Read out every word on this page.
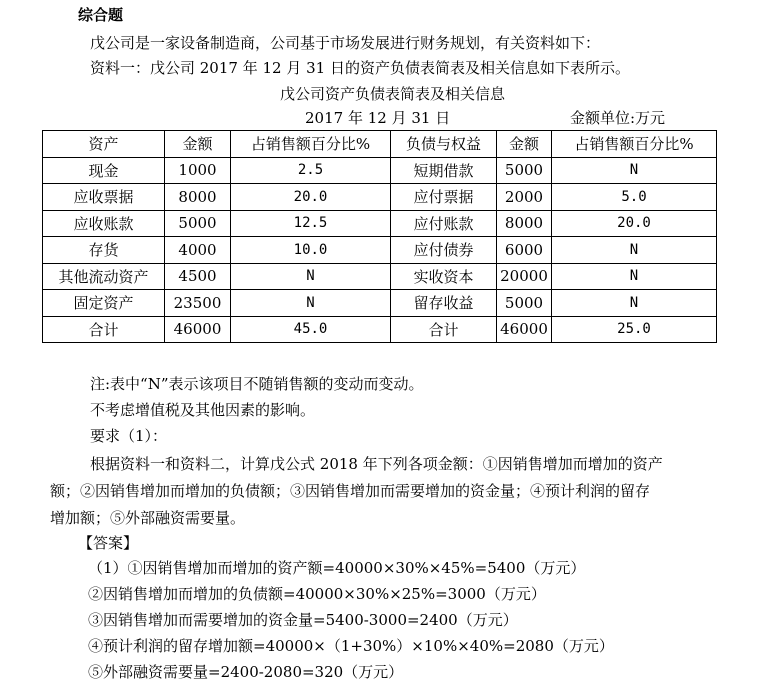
综合题
戊公司是一家设备制造商，公司基于市场发展进行财务规划，有关资料如下：
资料一：戊公司 2017 年 12 月 31 日的资产负债表简表及相关信息如下表所示。
戊公司资产负债表简表及相关信息
2017 年 12 月 31 日	金额单位:万元
资产	金额	占销售额百分比%	负债与权益	金额	占销售额百分比%
现金	1000	2.5	短期借款	5000	N
应收票据	8000	20.0	应付票据	2000	5.0
应收账款	5000	12.5	应付账款	8000	20.0
存货	4000	10.0	应付债券	6000	N
其他流动资产	4500	N	实收资本	20000	N
固定资产	23500	N	留存收益	5000	N
合计	46000	45.0	合计	46000	25.0
注:表中“N”表示该项目不随销售额的变动而变动。
不考虑增值税及其他因素的影响。
要求（1）：
根据资料一和资料二，计算戊公式 2018 年下列各项金额：①因销售增加而增加的资产
额；②因销售增加而增加的负债额；③因销售增加而需要增加的资金量；④预计利润的留存
增加额；⑤外部融资需要量。
【答案】
（1）①因销售增加而增加的资产额=40000×30%×45%=5400（万元）
②因销售增加而增加的负债额=40000×30%×25%=3000（万元）
③因销售增加而需要增加的资金量=5400-3000=2400（万元）
④预计利润的留存增加额=40000×（1+30%）×10%×40%=2080（万元）
⑤外部融资需要量=2400-2080=320（万元）
